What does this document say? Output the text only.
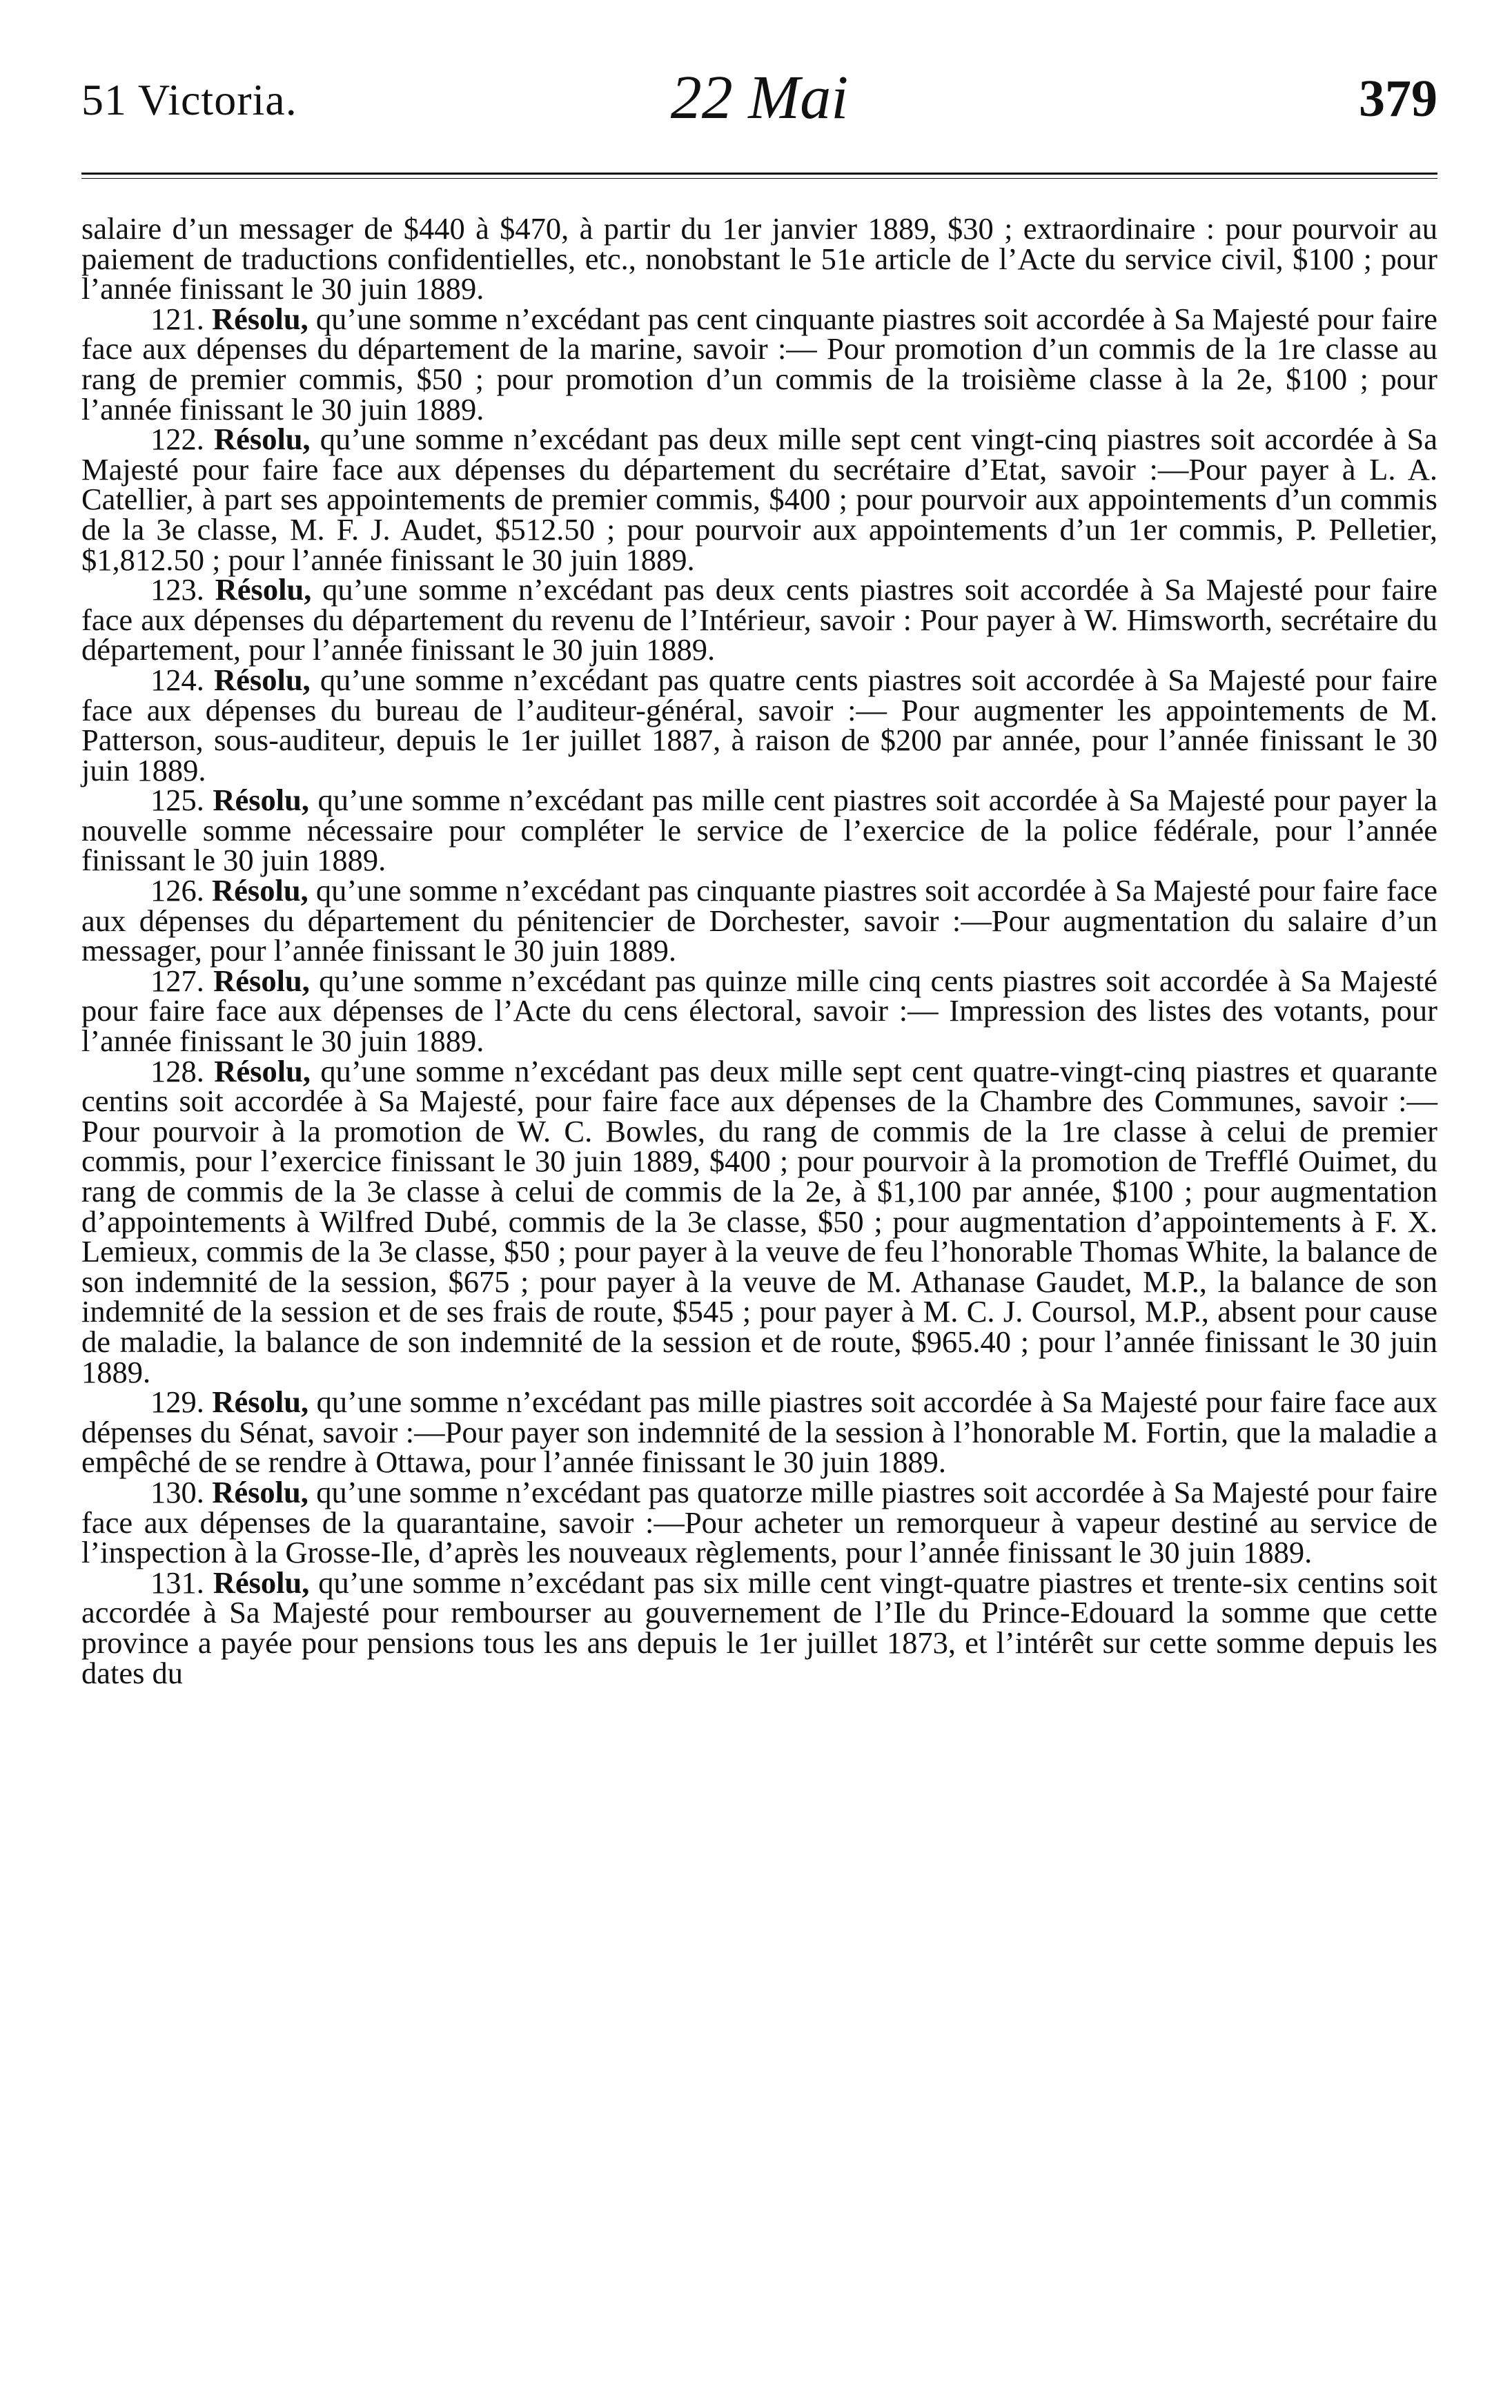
51 Victoria.	22 Mai	379

salaire d’un messager de $440 à $470, à partir du 1er janvier 1889, $30 ; extraordinaire : pour pourvoir au paiement de traductions confidentielles, etc., nonobstant le 51e article de l’Acte du service civil, $100 ; pour l’année finissant le 30 juin 1889.

121. Résolu, qu’une somme n’excédant pas cent cinquante piastres soit accordée à Sa Majesté pour faire face aux dépenses du département de la marine, savoir :— Pour promotion d’un commis de la 1re classe au rang de premier commis, $50 ; pour promotion d’un commis de la troisième classe à la 2e, $100 ; pour l’année finissant le 30 juin 1889.

122. Résolu, qu’une somme n’excédant pas deux mille sept cent vingt-cinq piastres soit accordée à Sa Majesté pour faire face aux dépenses du département du secrétaire d’Etat, savoir :—Pour payer à L. A. Catellier, à part ses appointements de premier commis, $400 ; pour pourvoir aux appointements d’un commis de la 3e classe, M. F. J. Audet, $512.50 ; pour pourvoir aux appointements d’un 1er commis, P. Pelletier, $1,812.50 ; pour l’année finissant le 30 juin 1889.

123. Résolu, qu’une somme n’excédant pas deux cents piastres soit accordée à Sa Majesté pour faire face aux dépenses du département du revenu de l’Intérieur, savoir : Pour payer à W. Himsworth, secrétaire du département, pour l’année finissant le 30 juin 1889.

124. Résolu, qu’une somme n’excédant pas quatre cents piastres soit accordée à Sa Majesté pour faire face aux dépenses du bureau de l’auditeur-général, savoir :— Pour augmenter les appointements de M. Patterson, sous-auditeur, depuis le 1er juillet 1887, à raison de $200 par année, pour l’année finissant le 30 juin 1889.

125. Résolu, qu’une somme n’excédant pas mille cent piastres soit accordée à Sa Majesté pour payer la nouvelle somme nécessaire pour compléter le service de l’exercice de la police fédérale, pour l’année finissant le 30 juin 1889.

126. Résolu, qu’une somme n’excédant pas cinquante piastres soit accordée à Sa Majesté pour faire face aux dépenses du département du pénitencier de Dorchester, savoir :—Pour augmentation du salaire d’un messager, pour l’année finissant le 30 juin 1889.

127. Résolu, qu’une somme n’excédant pas quinze mille cinq cents piastres soit accordée à Sa Majesté pour faire face aux dépenses de l’Acte du cens électoral, savoir :— Impression des listes des votants, pour l’année finissant le 30 juin 1889.

128. Résolu, qu’une somme n’excédant pas deux mille sept cent quatre-vingt-cinq piastres et quarante centins soit accordée à Sa Majesté, pour faire face aux dépenses de la Chambre des Communes, savoir :—Pour pourvoir à la promotion de W. C. Bowles, du rang de commis de la 1re classe à celui de premier commis, pour l’exercice finissant le 30 juin 1889, $400 ; pour pourvoir à la promotion de Trefflé Ouimet, du rang de commis de la 3e classe à celui de commis de la 2e, à $1,100 par année, $100 ; pour augmentation d’appointements à Wilfred Dubé, commis de la 3e classe, $50 ; pour augmentation d’appointements à F. X. Lemieux, commis de la 3e classe, $50 ; pour payer à la veuve de feu l’honorable Thomas White, la balance de son indemnité de la session, $675 ; pour payer à la veuve de M. Athanase Gaudet, M.P., la balance de son indemnité de la session et de ses frais de route, $545 ; pour payer à M. C. J. Coursol, M.P., absent pour cause de maladie, la balance de son indemnité de la session et de route, $965.40 ; pour l’année finissant le 30 juin 1889.

129. Résolu, qu’une somme n’excédant pas mille piastres soit accordée à Sa Majesté pour faire face aux dépenses du Sénat, savoir :—Pour payer son indemnité de la session à l’honorable M. Fortin, que la maladie a empêché de se rendre à Ottawa, pour l’année finissant le 30 juin 1889.

130. Résolu, qu’une somme n’excédant pas quatorze mille piastres soit accordée à Sa Majesté pour faire face aux dépenses de la quarantaine, savoir :—Pour acheter un remorqueur à vapeur destiné au service de l’inspection à la Grosse-Ile, d’après les nouveaux règlements, pour l’année finissant le 30 juin 1889.

131. Résolu, qu’une somme n’excédant pas six mille cent vingt-quatre piastres et trente-six centins soit accordée à Sa Majesté pour rembourser au gouvernement de l’Ile du Prince-Edouard la somme que cette province a payée pour pensions tous les ans depuis le 1er juillet 1873, et l’intérêt sur cette somme depuis les dates du
